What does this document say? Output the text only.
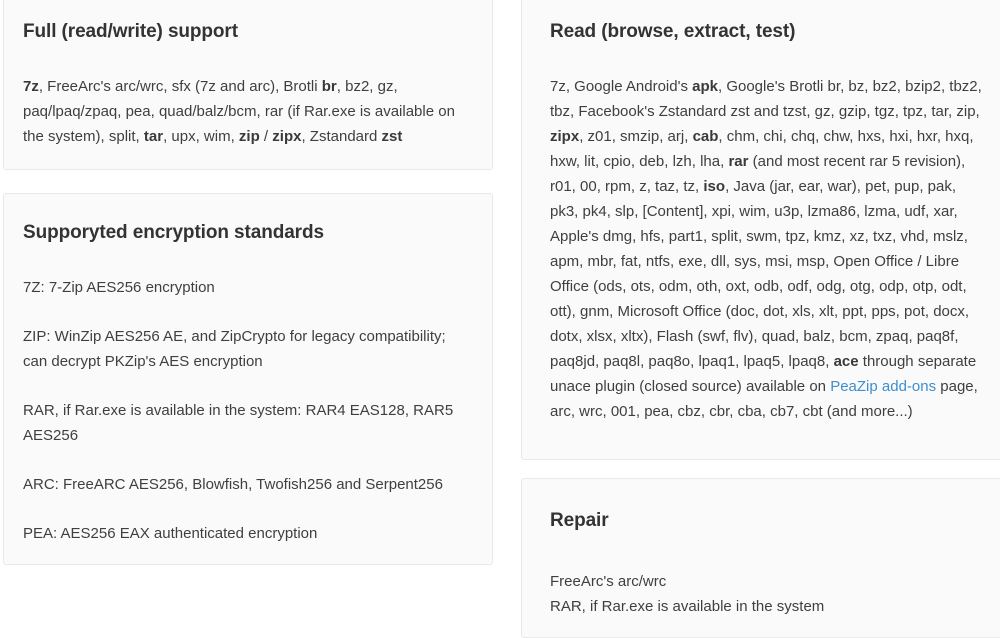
Full (read/write) support

7z, FreeArc's arc/wrc, sfx (7z and arc), Brotli br, bz2, gz, paq/lpaq/zpaq, pea, quad/balz/bcm, rar (if Rar.exe is available on the system), split, tar, upx, wim, zip / zipx, Zstandard zst

Supporyted encryption standards

7Z: 7-Zip AES256 encryption

ZIP: WinZip AES256 AE, and ZipCrypto for legacy compatibility; can decrypt PKZip's AES encryption

RAR, if Rar.exe is available in the system: RAR4 EAS128, RAR5 AES256

ARC: FreeARC AES256, Blowfish, Twofish256 and Serpent256

PEA: AES256 EAX authenticated encryption

Read (browse, extract, test)

7z, Google Android's apk, Google's Brotli br, bz, bz2, bzip2, tbz2, tbz, Facebook's Zstandard zst and tzst, gz, gzip, tgz, tpz, tar, zip, zipx, z01, smzip, arj, cab, chm, chi, chq, chw, hxs, hxi, hxr, hxq, hxw, lit, cpio, deb, lzh, lha, rar (and most recent rar 5 revision), r01, 00, rpm, z, taz, tz, iso, Java (jar, ear, war), pet, pup, pak, pk3, pk4, slp, [Content], xpi, wim, u3p, lzma86, lzma, udf, xar, Apple's dmg, hfs, part1, split, swm, tpz, kmz, xz, txz, vhd, mslz, apm, mbr, fat, ntfs, exe, dll, sys, msi, msp, Open Office / Libre Office (ods, ots, odm, oth, oxt, odb, odf, odg, otg, odp, otp, odt, ott), gnm, Microsoft Office (doc, dot, xls, xlt, ppt, pps, pot, docx, dotx, xlsx, xltx), Flash (swf, flv), quad, balz, bcm, zpaq, paq8f, paq8jd, paq8l, paq8o, lpaq1, lpaq5, lpaq8, ace through separate unace plugin (closed source) available on PeaZip add-ons page, arc, wrc, 001, pea, cbz, cbr, cba, cb7, cbt (and more...)

Repair

FreeArc's arc/wrc

RAR, if Rar.exe is available in the system
